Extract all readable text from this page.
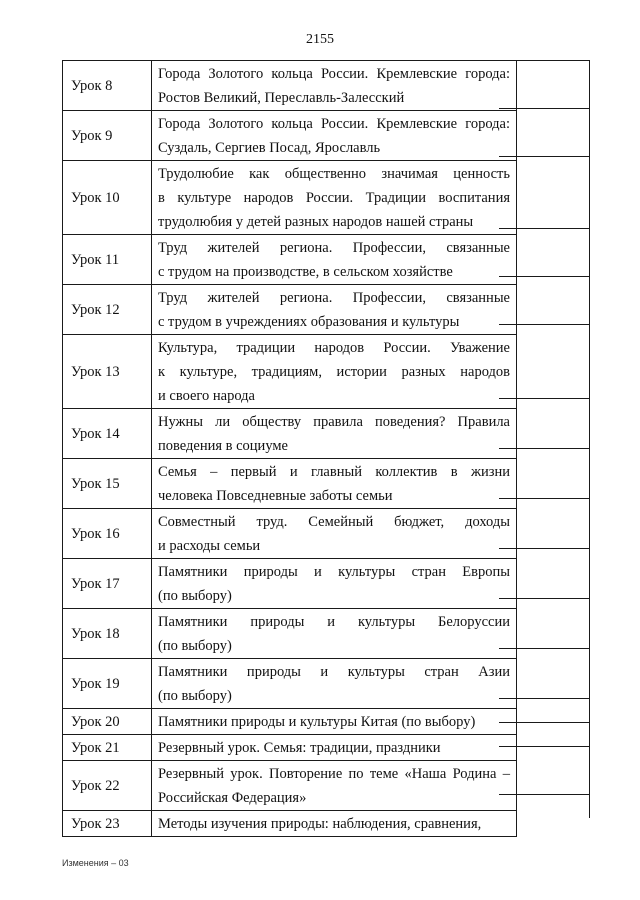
2155
Урок 8	Города Золотого кольца России. Кремлевские города:
Ростов Великий, Переславль-Залесский

Урок 9	Города Золотого кольца России. Кремлевские города:
Суздаль, Сергиев Посад, Ярославль

Урок 10	Трудолюбие как общественно значимая ценность
в культуре народов России. Традиции воспитания
трудолюбия у детей разных народов нашей страны

Урок 11	Труд жителей региона. Профессии, связанные
с трудом на производстве, в сельском хозяйстве

Урок 12	Труд жителей региона. Профессии, связанные
с трудом в учреждениях образования и культуры

Урок 13	Культура, традиции народов России. Уважение
к культуре, традициям, истории разных народов
и своего народа

Урок 14	Нужны ли обществу правила поведения? Правила
поведения в социуме

Урок 15	Семья – первый и главный коллектив в жизни
человека Повседневные заботы семьи

Урок 16	Совместный труд. Семейный бюджет, доходы
и расходы семьи

Урок 17	Памятники природы и культуры стран Европы
(по выбору)

Урок 18	Памятники природы и культуры Белоруссии
(по выбору)

Урок 19	Памятники природы и культуры стран Азии
(по выбору)

Урок 20	Памятники природы и культуры Китая (по выбору)

Урок 21	Резервный урок. Семья: традиции, праздники

Урок 22	Резервный урок. Повторение по теме «Наша Родина –
Российская Федерация»

Урок 23	Методы изучения природы: наблюдения, сравнения,
Изменения – 03
